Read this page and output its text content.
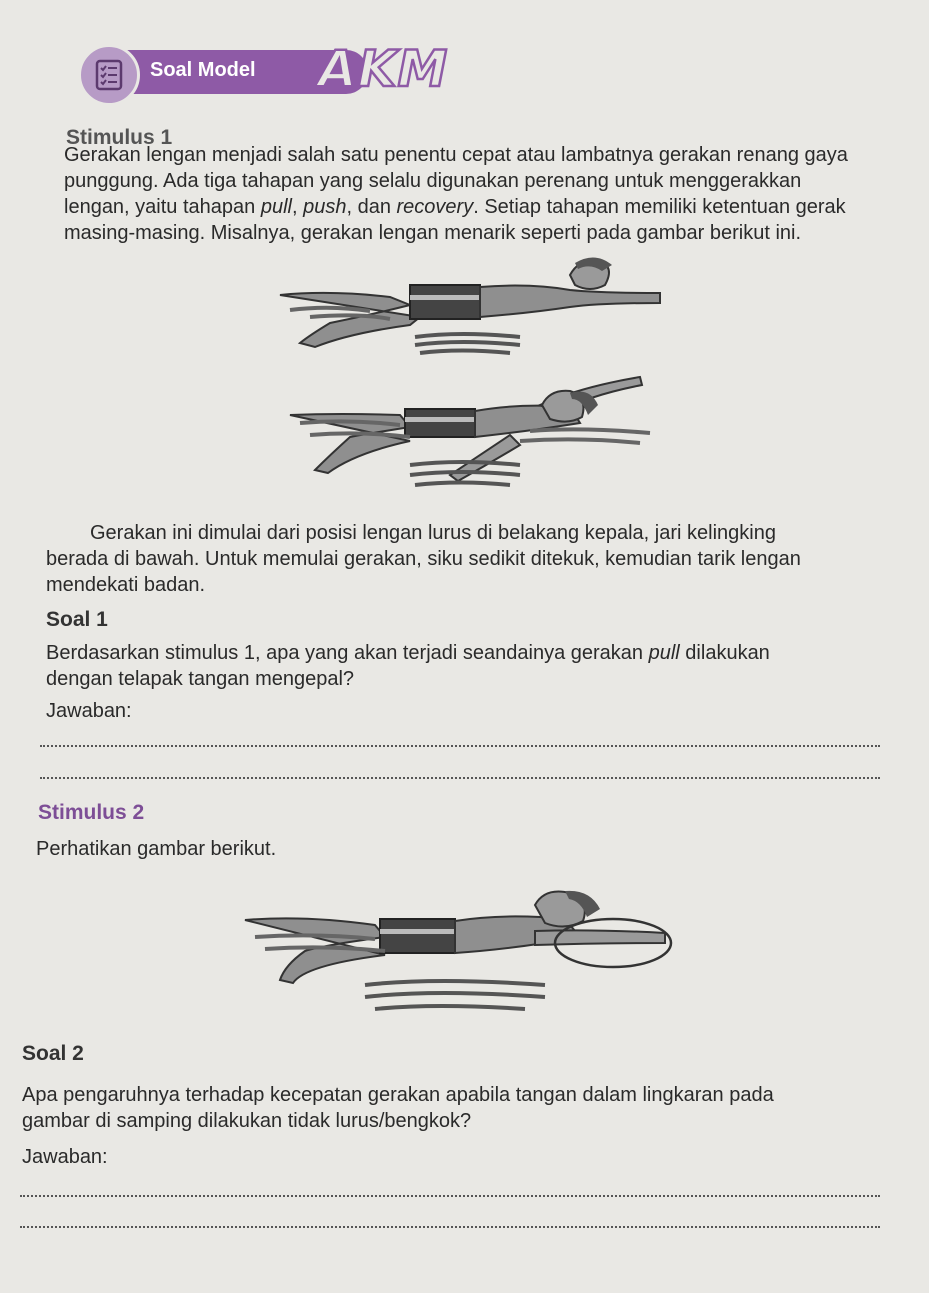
Soal Model AKM
Stimulus 1
Gerakan lengan menjadi salah satu penentu cepat atau lambatnya gerakan renang gaya
punggung. Ada tiga tahapan yang selalu digunakan perenang untuk menggerakkan
lengan, yaitu tahapan pull, push, dan recovery. Setiap tahapan memiliki ketentuan gerak
masing-masing. Misalnya, gerakan lengan menarik seperti pada gambar berikut ini.
Gerakan ini dimulai dari posisi lengan lurus di belakang kepala, jari kelingking
berada di bawah. Untuk memulai gerakan, siku sedikit ditekuk, kemudian tarik lengan
mendekati badan.
Soal 1
Berdasarkan stimulus 1, apa yang akan terjadi seandainya gerakan pull dilakukan
dengan telapak tangan mengepal?
Jawaban:
Stimulus 2
Perhatikan gambar berikut.
Soal 2
Apa pengaruhnya terhadap kecepatan gerakan apabila tangan dalam lingkaran pada
gambar di samping dilakukan tidak lurus/bengkok?
Jawaban:
